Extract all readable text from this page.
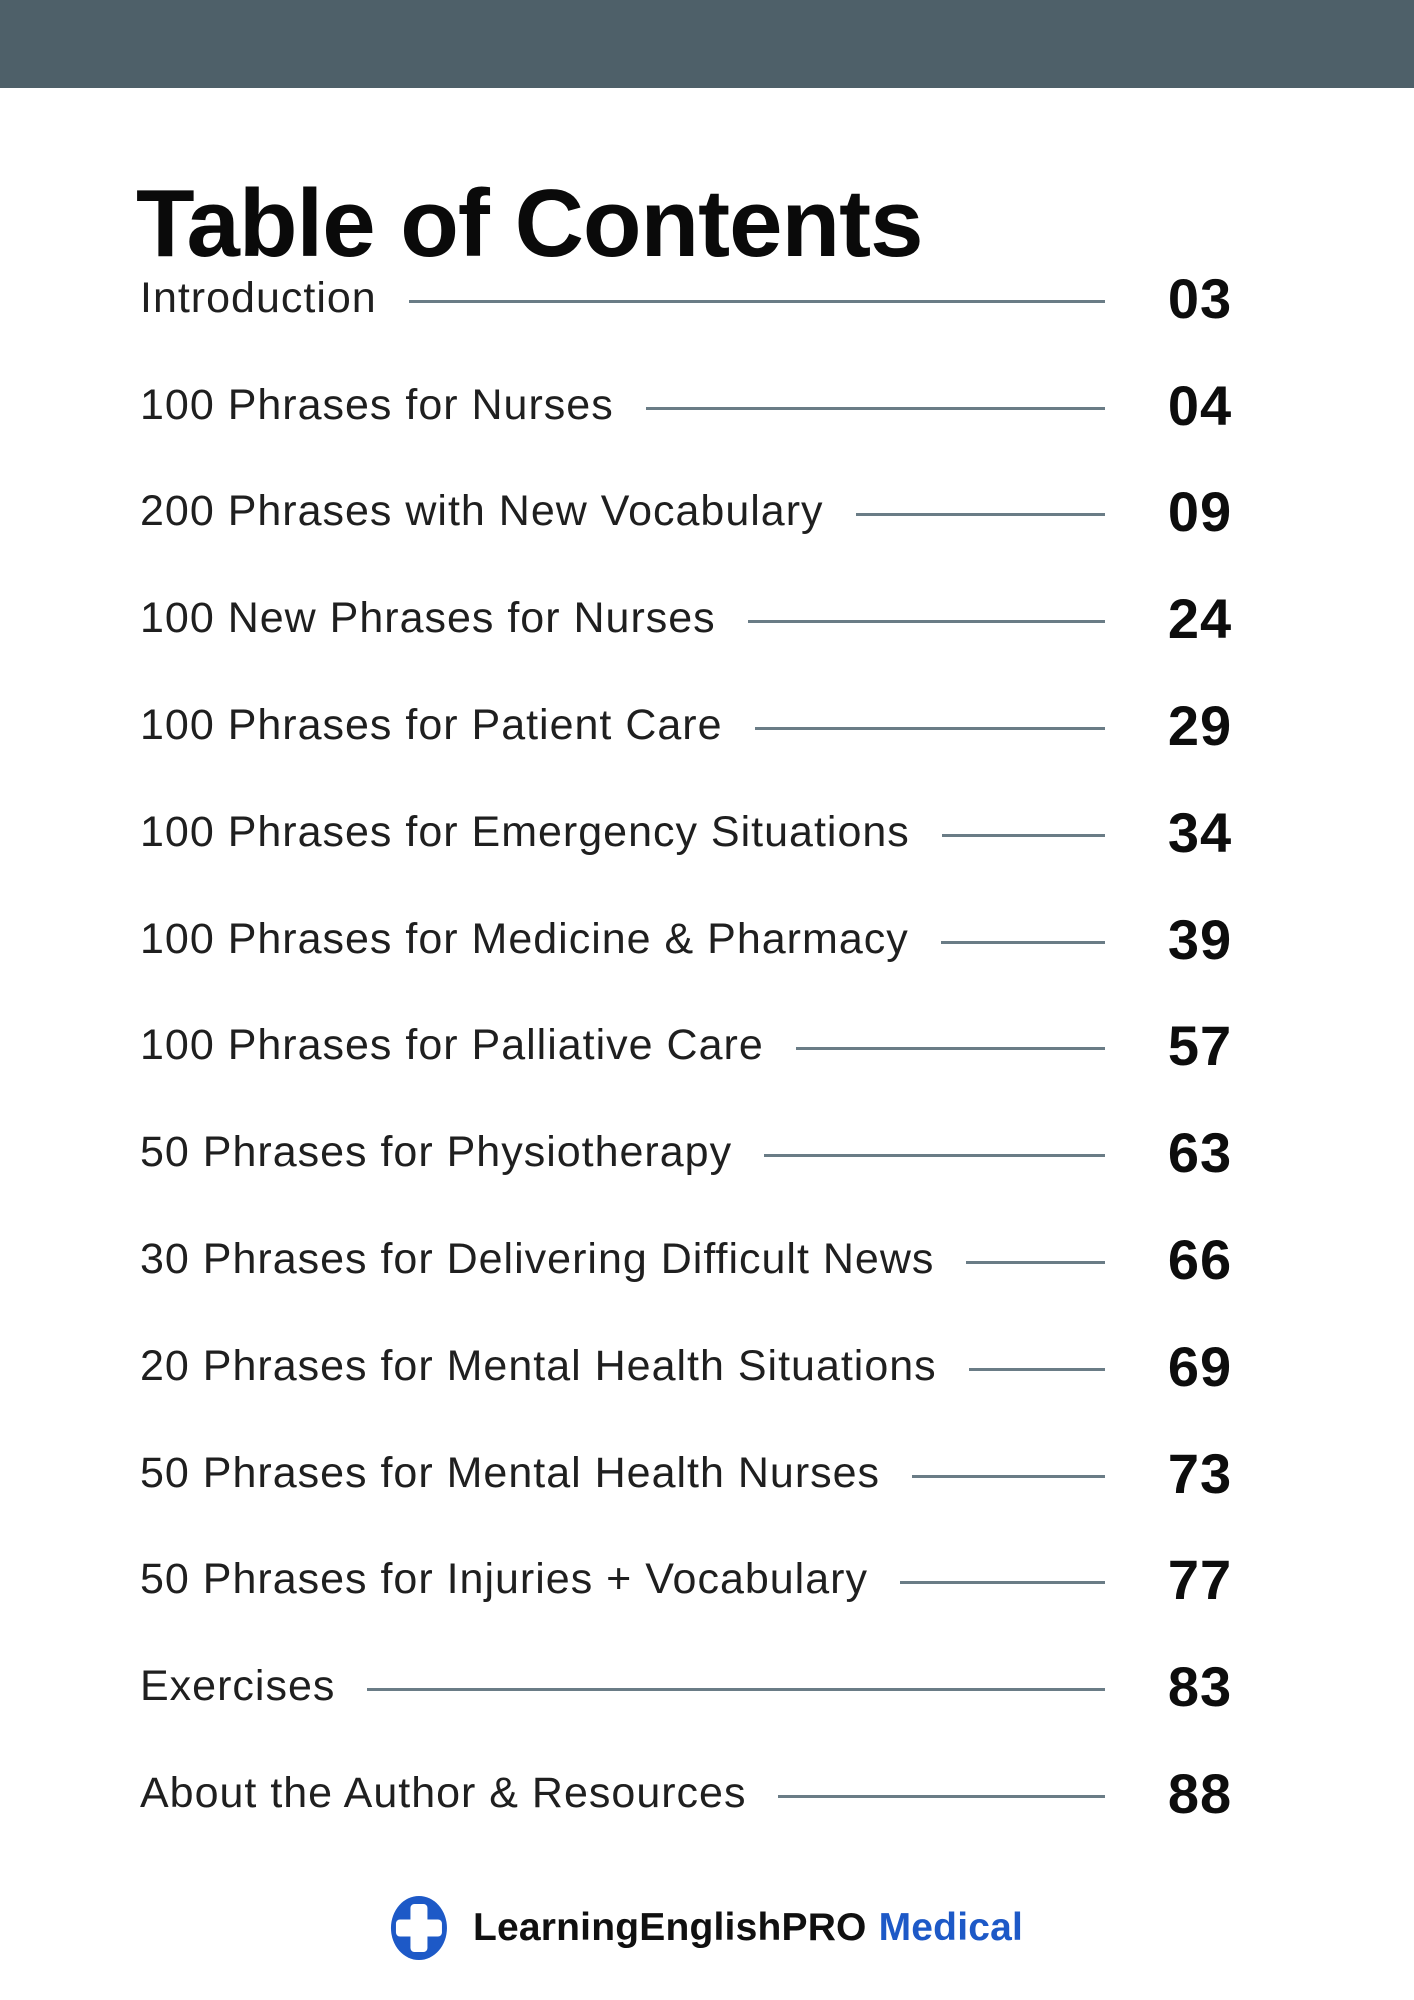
Table of Contents
Introduction	03
100 Phrases for Nurses	04
200 Phrases with New Vocabulary	09
100 New Phrases for Nurses	24
100 Phrases for Patient Care	29
100 Phrases for Emergency Situations	34
100 Phrases for Medicine & Pharmacy	39
100 Phrases for Palliative Care	57
50 Phrases for Physiotherapy	63
30 Phrases for Delivering Difficult News	66
20 Phrases for Mental Health Situations	69
50 Phrases for Mental Health Nurses	73
50 Phrases for Injuries + Vocabulary	77
Exercises	83
About the Author & Resources	88
LearningEnglishPRO Medical
